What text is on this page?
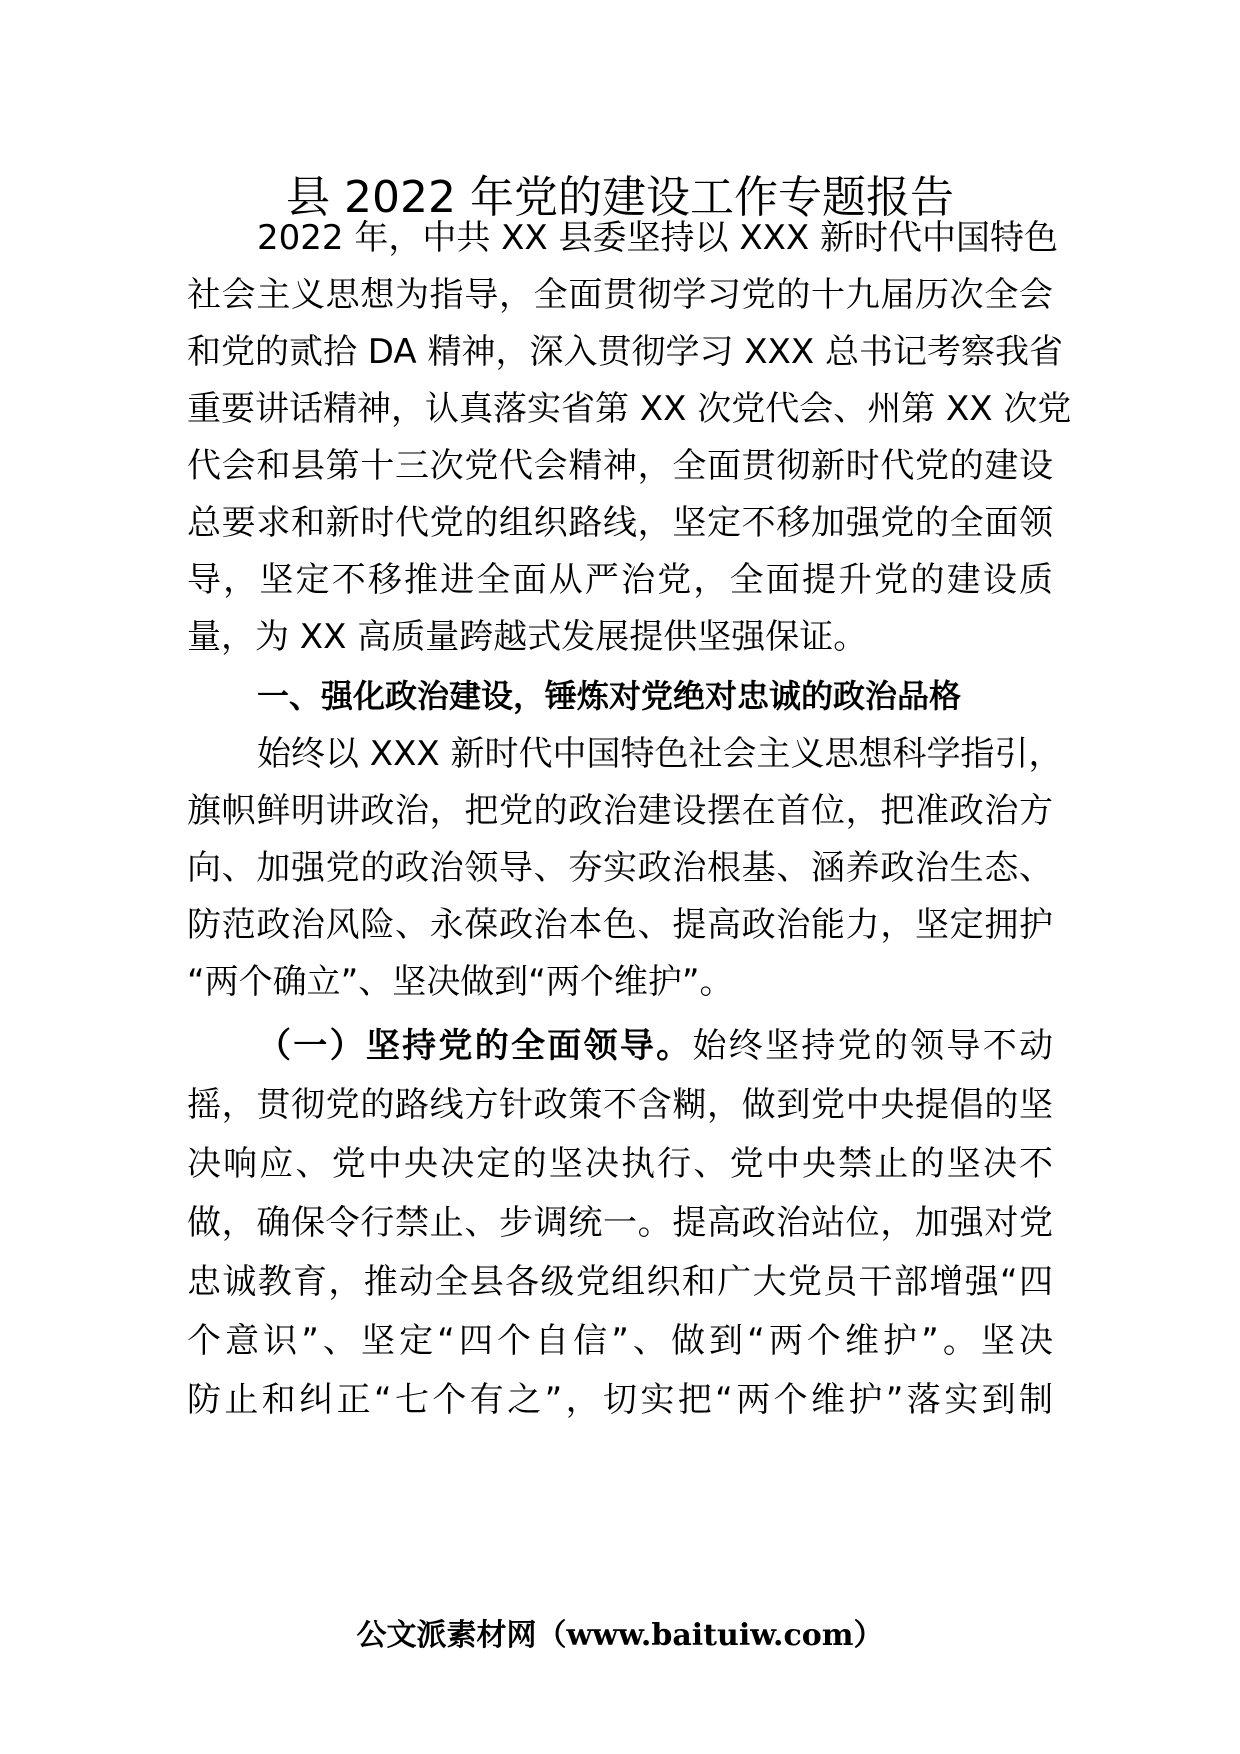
县 2022 年党的建设工作专题报告
2022 年，中共 XX 县委坚持以 XXX 新时代中国特色
社会主义思想为指导，全面贯彻学习党的十九届历次全会
和党的贰拾 DA 精神，深入贯彻学习 XXX 总书记考察我省
重要讲话精神，认真落实省第 XX 次党代会、州第 XX 次党
代会和县第十三次党代会精神，全面贯彻新时代党的建设
总要求和新时代党的组织路线，坚定不移加强党的全面领
导，坚定不移推进全面从严治党，全面提升党的建设质
量，为 XX 高质量跨越式发展提供坚强保证。
一、强化政治建设，锤炼对党绝对忠诚的政治品格
始终以 XXX 新时代中国特色社会主义思想科学指引，
旗帜鲜明讲政治，把党的政治建设摆在首位，把准政治方
向、加强党的政治领导、夯实政治根基、涵养政治生态、
防范政治风险、永葆政治本色、提高政治能力，坚定拥护
“两个确立”、坚决做到“两个维护”。
（一）坚持党的全面领导。始终坚持党的领导不动
摇，贯彻党的路线方针政策不含糊，做到党中央提倡的坚
决响应、党中央决定的坚决执行、党中央禁止的坚决不
做，确保令行禁止、步调统一。提高政治站位，加强对党
忠诚教育，推动全县各级党组织和广大党员干部增强“四
个意识”、坚定“四个自信”、做到“两个维护”。坚决
防止和纠正“七个有之”，切实把“两个维护”落实到制
公文派素材网（www.baituiw.com）
